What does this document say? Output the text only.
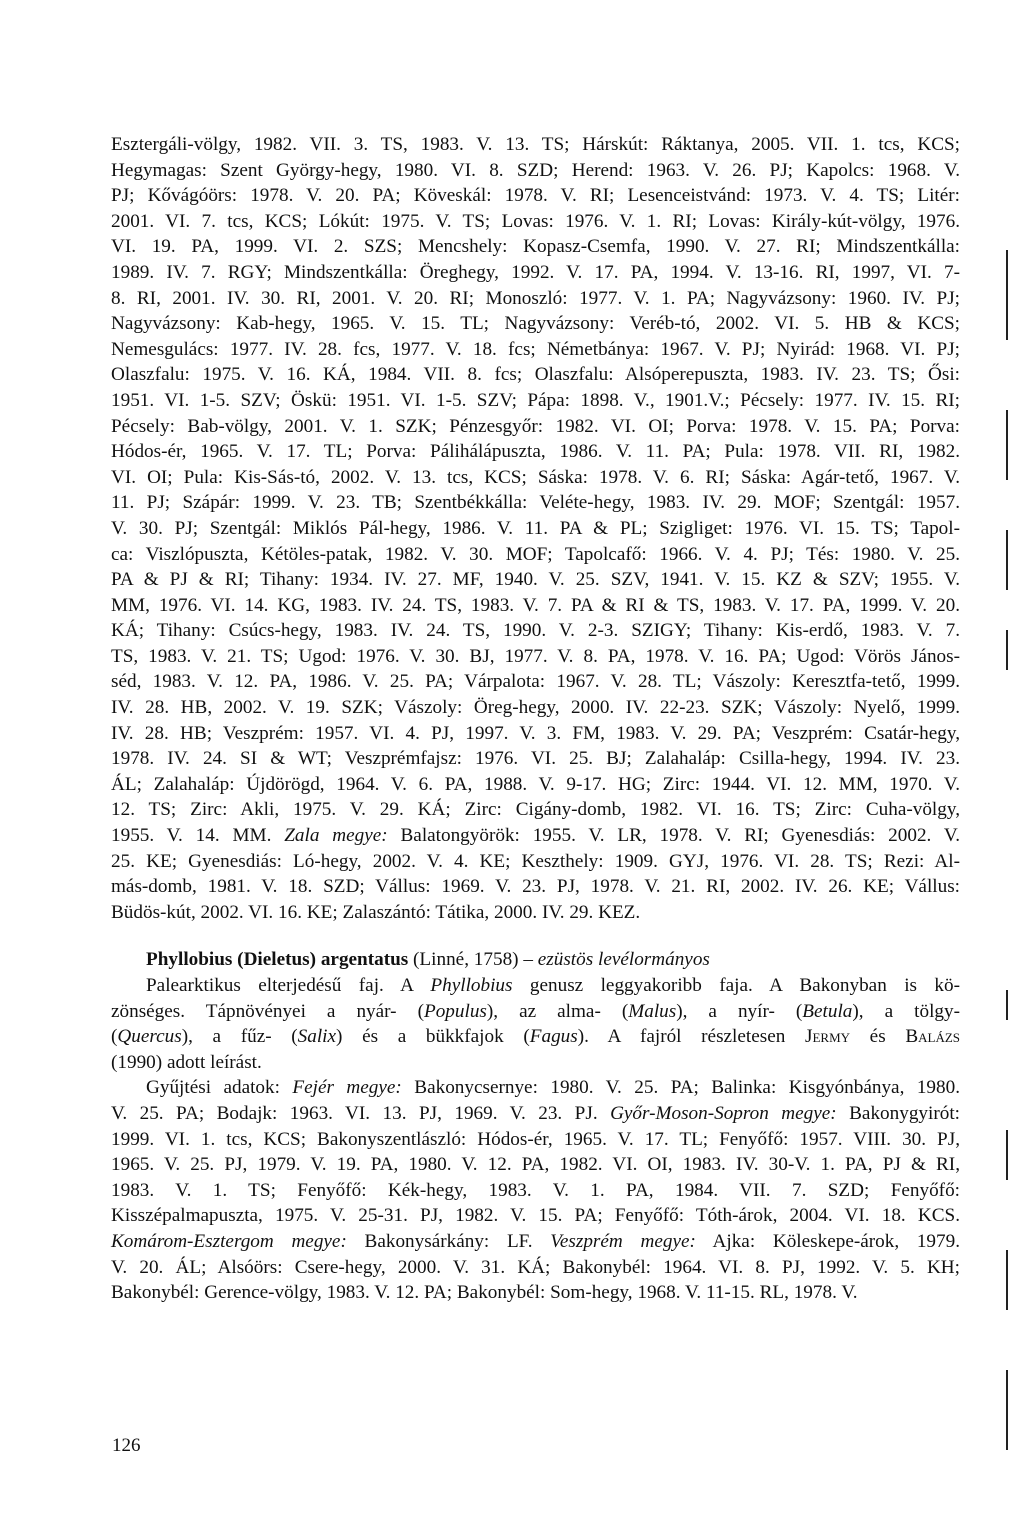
Esztergáli-völgy, 1982. VII. 3. TS, 1983. V. 13. TS; Hárskút: Ráktanya, 2005. VII. 1. tcs, KCS;
Hegymagas: Szent György-hegy, 1980. VI. 8. SZD; Herend: 1963. V. 26. PJ; Kapolcs: 1968. V.
PJ; Kővágóörs: 1978. V. 20. PA; Köveskál: 1978. V. RI; Lesenceistvánd: 1973. V. 4. TS; Litér:
2001. VI. 7. tcs, KCS; Lókút: 1975. V. TS; Lovas: 1976. V. 1. RI; Lovas: Király-kút-völgy, 1976.
VI. 19. PA, 1999. VI. 2. SZS; Mencshely: Kopasz-Csemfa, 1990. V. 27. RI; Mindszentkálla:
1989. IV. 7. RGY; Mindszentkálla: Öreghegy, 1992. V. 17. PA, 1994. V. 13-16. RI, 1997, VI. 7-
8. RI, 2001. IV. 30. RI, 2001. V. 20. RI; Monoszló: 1977. V. 1. PA; Nagyvázsony: 1960. IV. PJ;
Nagyvázsony: Kab-hegy, 1965. V. 15. TL; Nagyvázsony: Veréb-tó, 2002. VI. 5. HB & KCS;
Nemesgulács: 1977. IV. 28. fcs, 1977. V. 18. fcs; Németbánya: 1967. V. PJ; Nyirád: 1968. VI. PJ;
Olaszfalu: 1975. V. 16. KÁ, 1984. VII. 8. fcs; Olaszfalu: Alsóperepuszta, 1983. IV. 23. TS; Ősi:
1951. VI. 1-5. SZV; Öskü: 1951. VI. 1-5. SZV; Pápa: 1898. V., 1901.V.; Pécsely: 1977. IV. 15. RI;
Pécsely: Bab-völgy, 2001. V. 1. SZK; Pénzesgyőr: 1982. VI. OI; Porva: 1978. V. 15. PA; Porva:
Hódos-ér, 1965. V. 17. TL; Porva: Pálihálápuszta, 1986. V. 11. PA; Pula: 1978. VII. RI, 1982.
VI. OI; Pula: Kis-Sás-tó, 2002. V. 13. tcs, KCS; Sáska: 1978. V. 6. RI; Sáska: Agár-tető, 1967. V.
11. PJ; Szápár: 1999. V. 23. TB; Szentbékkálla: Veléte-hegy, 1983. IV. 29. MOF; Szentgál: 1957.
V. 30. PJ; Szentgál: Miklós Pál-hegy, 1986. V. 11. PA & PL; Szigliget: 1976. VI. 15. TS; Tapol-
ca: Viszlópuszta, Kétöles-patak, 1982. V. 30. MOF; Tapolcafő: 1966. V. 4. PJ; Tés: 1980. V. 25.
PA & PJ & RI; Tihany: 1934. IV. 27. MF, 1940. V. 25. SZV, 1941. V. 15. KZ & SZV; 1955. V.
MM, 1976. VI. 14. KG, 1983. IV. 24. TS, 1983. V. 7. PA & RI & TS, 1983. V. 17. PA, 1999. V. 20.
KÁ; Tihany: Csúcs-hegy, 1983. IV. 24. TS, 1990. V. 2-3. SZIGY; Tihany: Kis-erdő, 1983. V. 7.
TS, 1983. V. 21. TS; Ugod: 1976. V. 30. BJ, 1977. V. 8. PA, 1978. V. 16. PA; Ugod: Vörös János-
séd, 1983. V. 12. PA, 1986. V. 25. PA; Várpalota: 1967. V. 28. TL; Vászoly: Keresztfa-tető, 1999.
IV. 28. HB, 2002. V. 19. SZK; Vászoly: Öreg-hegy, 2000. IV. 22-23. SZK; Vászoly: Nyelő, 1999.
IV. 28. HB; Veszprém: 1957. VI. 4. PJ, 1997. V. 3. FM, 1983. V. 29. PA; Veszprém: Csatár-hegy,
1978. IV. 24. SI & WT; Veszprémfajsz: 1976. VI. 25. BJ; Zalahaláp: Csilla-hegy, 1994. IV. 23.
ÁL; Zalahaláp: Újdörögd, 1964. V. 6. PA, 1988. V. 9-17. HG; Zirc: 1944. VI. 12. MM, 1970. V.
12. TS; Zirc: Akli, 1975. V. 29. KÁ; Zirc: Cigány-domb, 1982. VI. 16. TS; Zirc: Cuha-völgy,
1955. V. 14. MM. Zala megye: Balatongyörök: 1955. V. LR, 1978. V. RI; Gyenesdiás: 2002. V.
25. KE; Gyenesdiás: Ló-hegy, 2002. V. 4. KE; Keszthely: 1909. GYJ, 1976. VI. 28. TS; Rezi: Al-
más-domb, 1981. V. 18. SZD; Vállus: 1969. V. 23. PJ, 1978. V. 21. RI, 2002. IV. 26. KE; Vállus:
Büdös-kút, 2002. VI. 16. KE; Zalaszántó: Tátika, 2000. IV. 29. KEZ.
Phyllobius (Dieletus) argentatus (Linné, 1758) – ezüstös levélormányos
Palearktikus elterjedésű faj. A Phyllobius genusz leggyakoribb faja. A Bakonyban is kö-
zönséges. Tápnövényei a nyár- (Populus), az alma- (Malus), a nyír- (Betula), a tölgy-
(Quercus), a fűz- (Salix) és a bükkfajok (Fagus). A fajról részletesen Jermy és Balázs
(1990) adott leírást.
Gyűjtési adatok: Fejér megye: Bakonycsernye: 1980. V. 25. PA; Balinka: Kisgyónbánya, 1980.
V. 25. PA; Bodajk: 1963. VI. 13. PJ, 1969. V. 23. PJ. Győr-Moson-Sopron megye: Bakonygyirót:
1999. VI. 1. tcs, KCS; Bakonyszentlászló: Hódos-ér, 1965. V. 17. TL; Fenyőfő: 1957. VIII. 30. PJ,
1965. V. 25. PJ, 1979. V. 19. PA, 1980. V. 12. PA, 1982. VI. OI, 1983. IV. 30-V. 1. PA, PJ & RI,
1983. V. 1. TS; Fenyőfő: Kék-hegy, 1983. V. 1. PA, 1984. VII. 7. SZD; Fenyőfő:
Kisszépalmapuszta, 1975. V. 25-31. PJ, 1982. V. 15. PA; Fenyőfő: Tóth-árok, 2004. VI. 18. KCS.
Komárom-Esztergom megye: Bakonysárkány: LF. Veszprém megye: Ajka: Köleskepe-árok, 1979.
V. 20. ÁL; Alsóörs: Csere-hegy, 2000. V. 31. KÁ; Bakonybél: 1964. VI. 8. PJ, 1992. V. 5. KH;
Bakonybél: Gerence-völgy, 1983. V. 12. PA; Bakonybél: Som-hegy, 1968. V. 11-15. RL, 1978. V.
126
